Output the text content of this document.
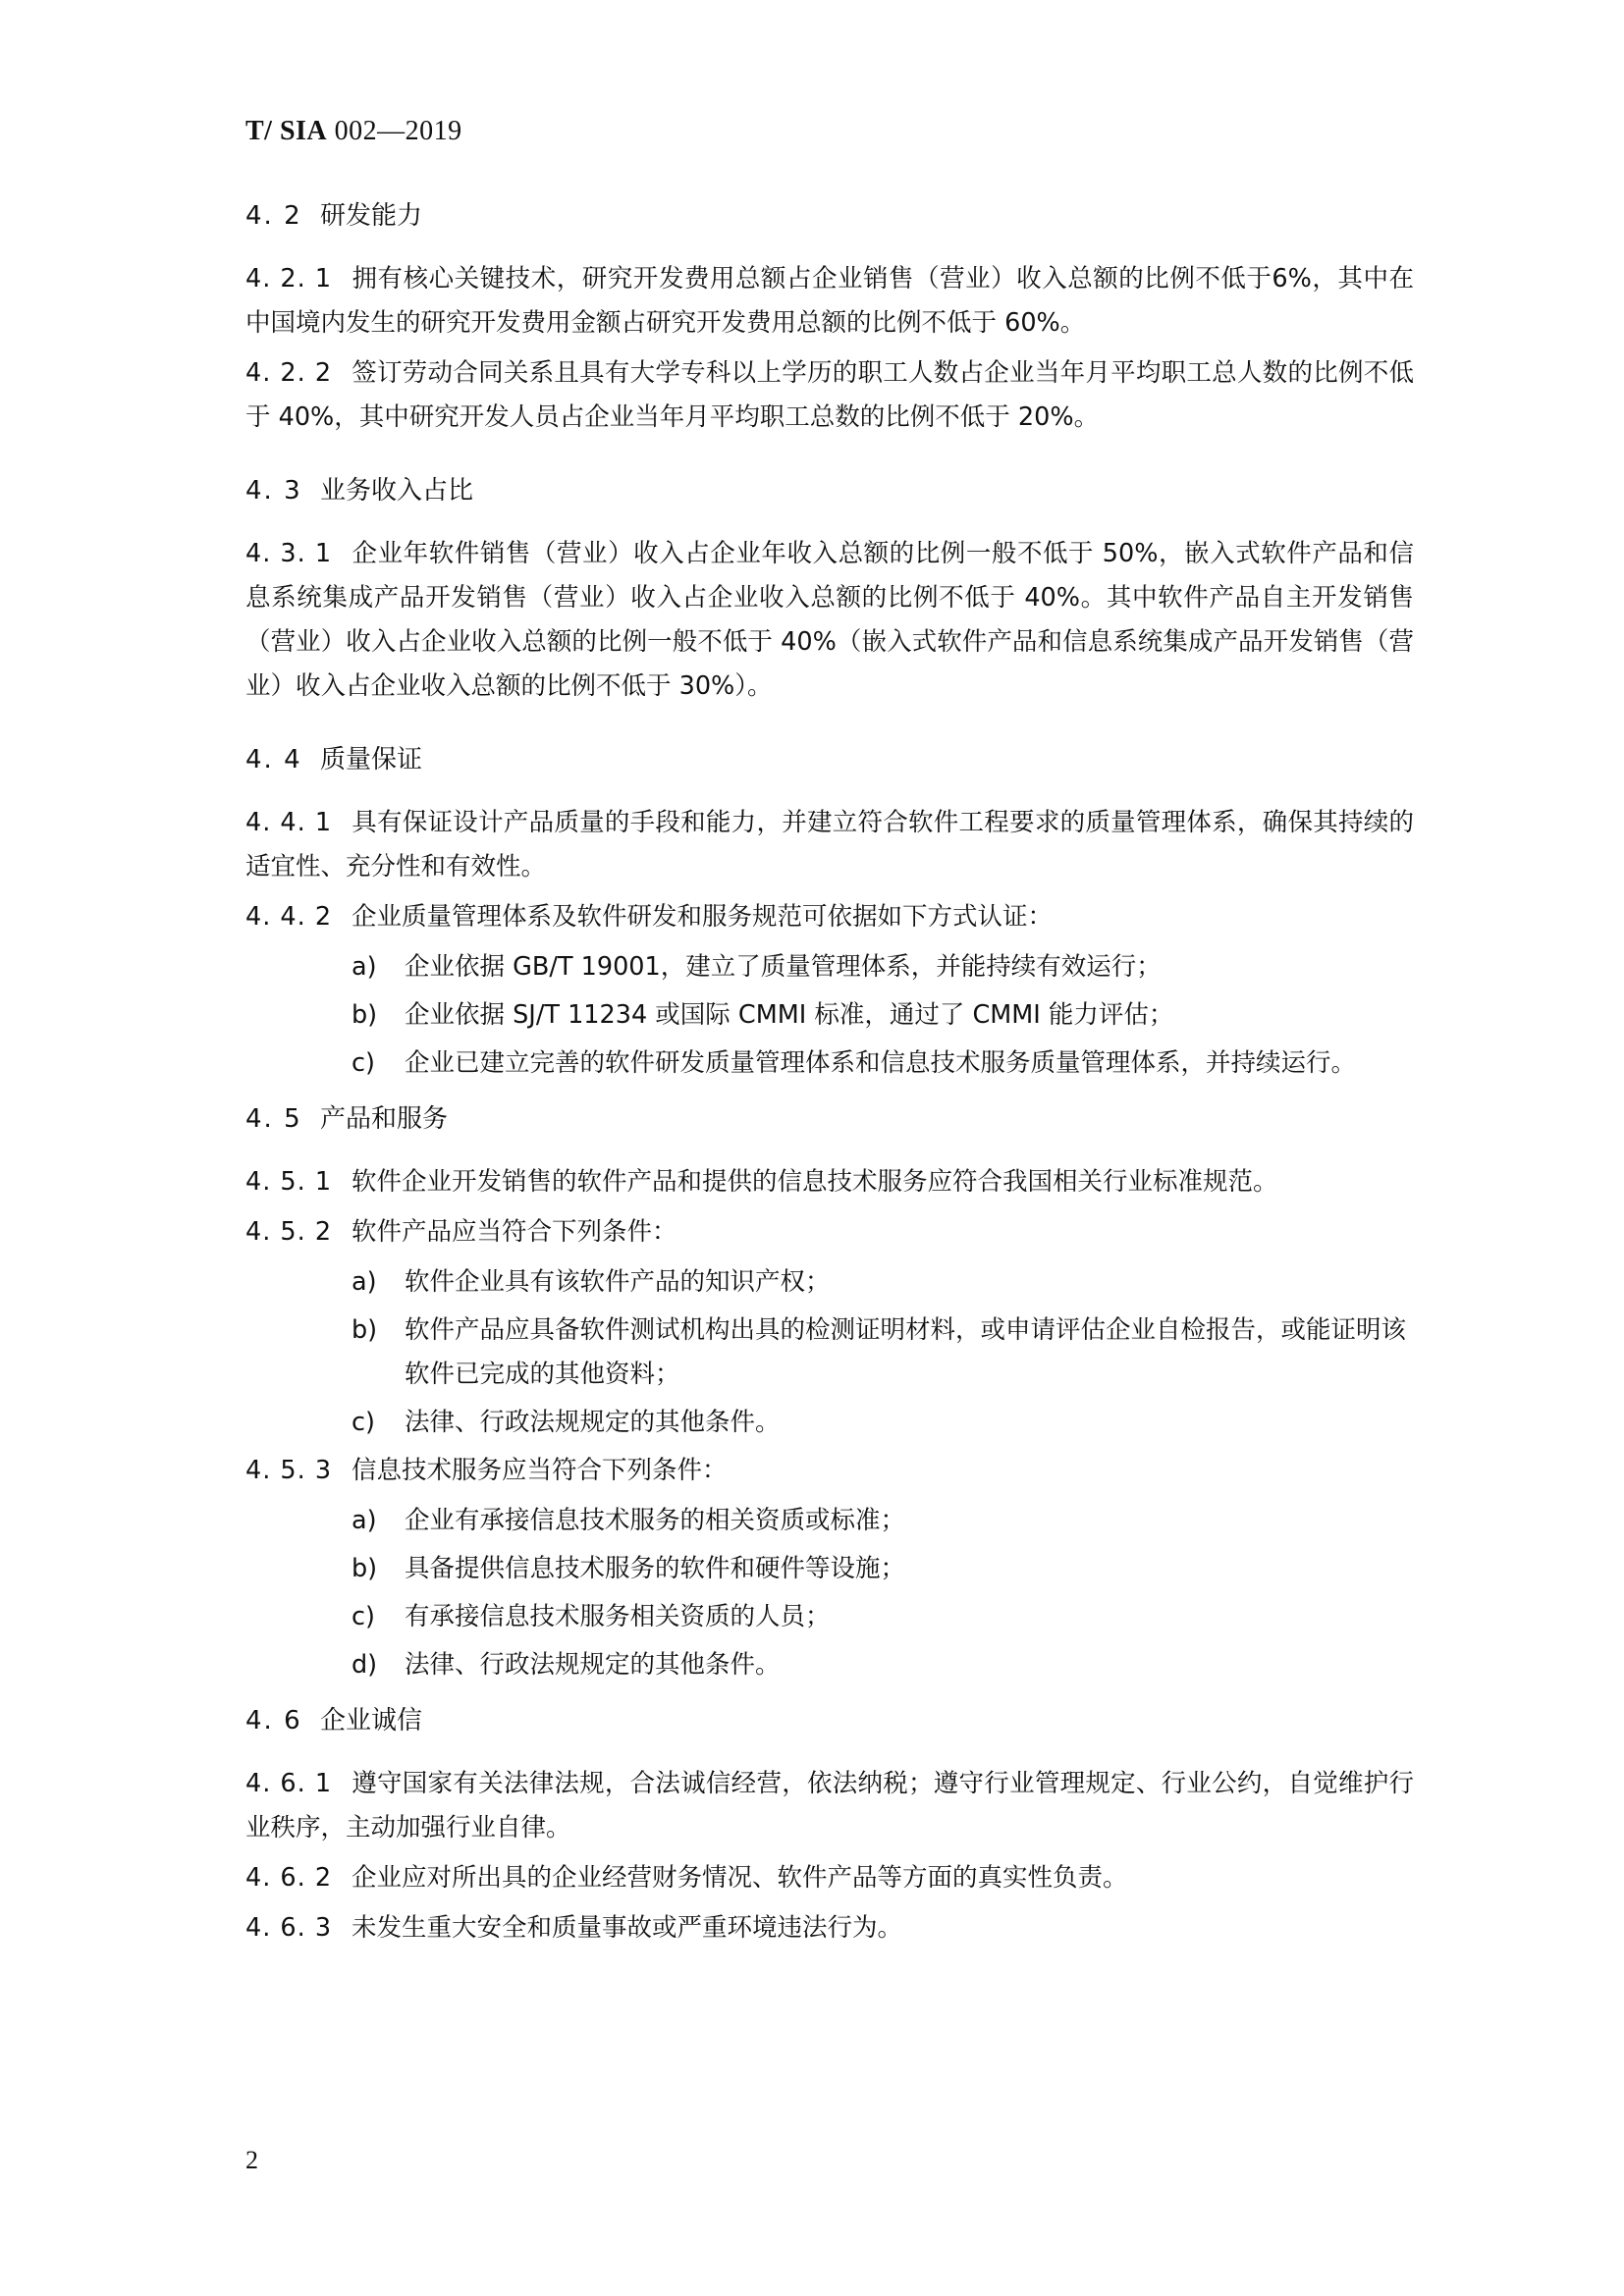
T/ SIA 002—2019
4. 2 研发能力
4. 2. 1 拥有核心关键技术，研究开发费用总额占企业销售（营业）收入总额的比例不低于6%，其中在中国境内发生的研究开发费用金额占研究开发费用总额的比例不低于 60%。
4. 2. 2 签订劳动合同关系且具有大学专科以上学历的职工人数占企业当年月平均职工总人数的比例不低于 40%，其中研究开发人员占企业当年月平均职工总数的比例不低于 20%。
4. 3 业务收入占比
4. 3. 1 企业年软件销售（营业）收入占企业年收入总额的比例一般不低于 50%，嵌入式软件产品和信息系统集成产品开发销售（营业）收入占企业收入总额的比例不低于 40%。其中软件产品自主开发销售（营业）收入占企业收入总额的比例一般不低于 40%（嵌入式软件产品和信息系统集成产品开发销售（营业）收入占企业收入总额的比例不低于 30%）。
4. 4 质量保证
4. 4. 1 具有保证设计产品质量的手段和能力，并建立符合软件工程要求的质量管理体系，确保其持续的适宜性、充分性和有效性。
4. 4. 2 企业质量管理体系及软件研发和服务规范可依据如下方式认证：
a) 企业依据 GB/T 19001，建立了质量管理体系，并能持续有效运行；
b) 企业依据 SJ/T 11234 或国际 CMMI 标准，通过了 CMMI 能力评估；
c) 企业已建立完善的软件研发质量管理体系和信息技术服务质量管理体系，并持续运行。
4. 5 产品和服务
4. 5. 1 软件企业开发销售的软件产品和提供的信息技术服务应符合我国相关行业标准规范。
4. 5. 2 软件产品应当符合下列条件：
a) 软件企业具有该软件产品的知识产权；
b) 软件产品应具备软件测试机构出具的检测证明材料，或申请评估企业自检报告，或能证明该软件已完成的其他资料；
c) 法律、行政法规规定的其他条件。
4. 5. 3 信息技术服务应当符合下列条件：
a) 企业有承接信息技术服务的相关资质或标准；
b) 具备提供信息技术服务的软件和硬件等设施；
c) 有承接信息技术服务相关资质的人员；
d) 法律、行政法规规定的其他条件。
4. 6 企业诚信
4. 6. 1 遵守国家有关法律法规，合法诚信经营，依法纳税；遵守行业管理规定、行业公约，自觉维护行业秩序，主动加强行业自律。
4. 6. 2 企业应对所出具的企业经营财务情况、软件产品等方面的真实性负责。
4. 6. 3 未发生重大安全和质量事故或严重环境违法行为。
2
